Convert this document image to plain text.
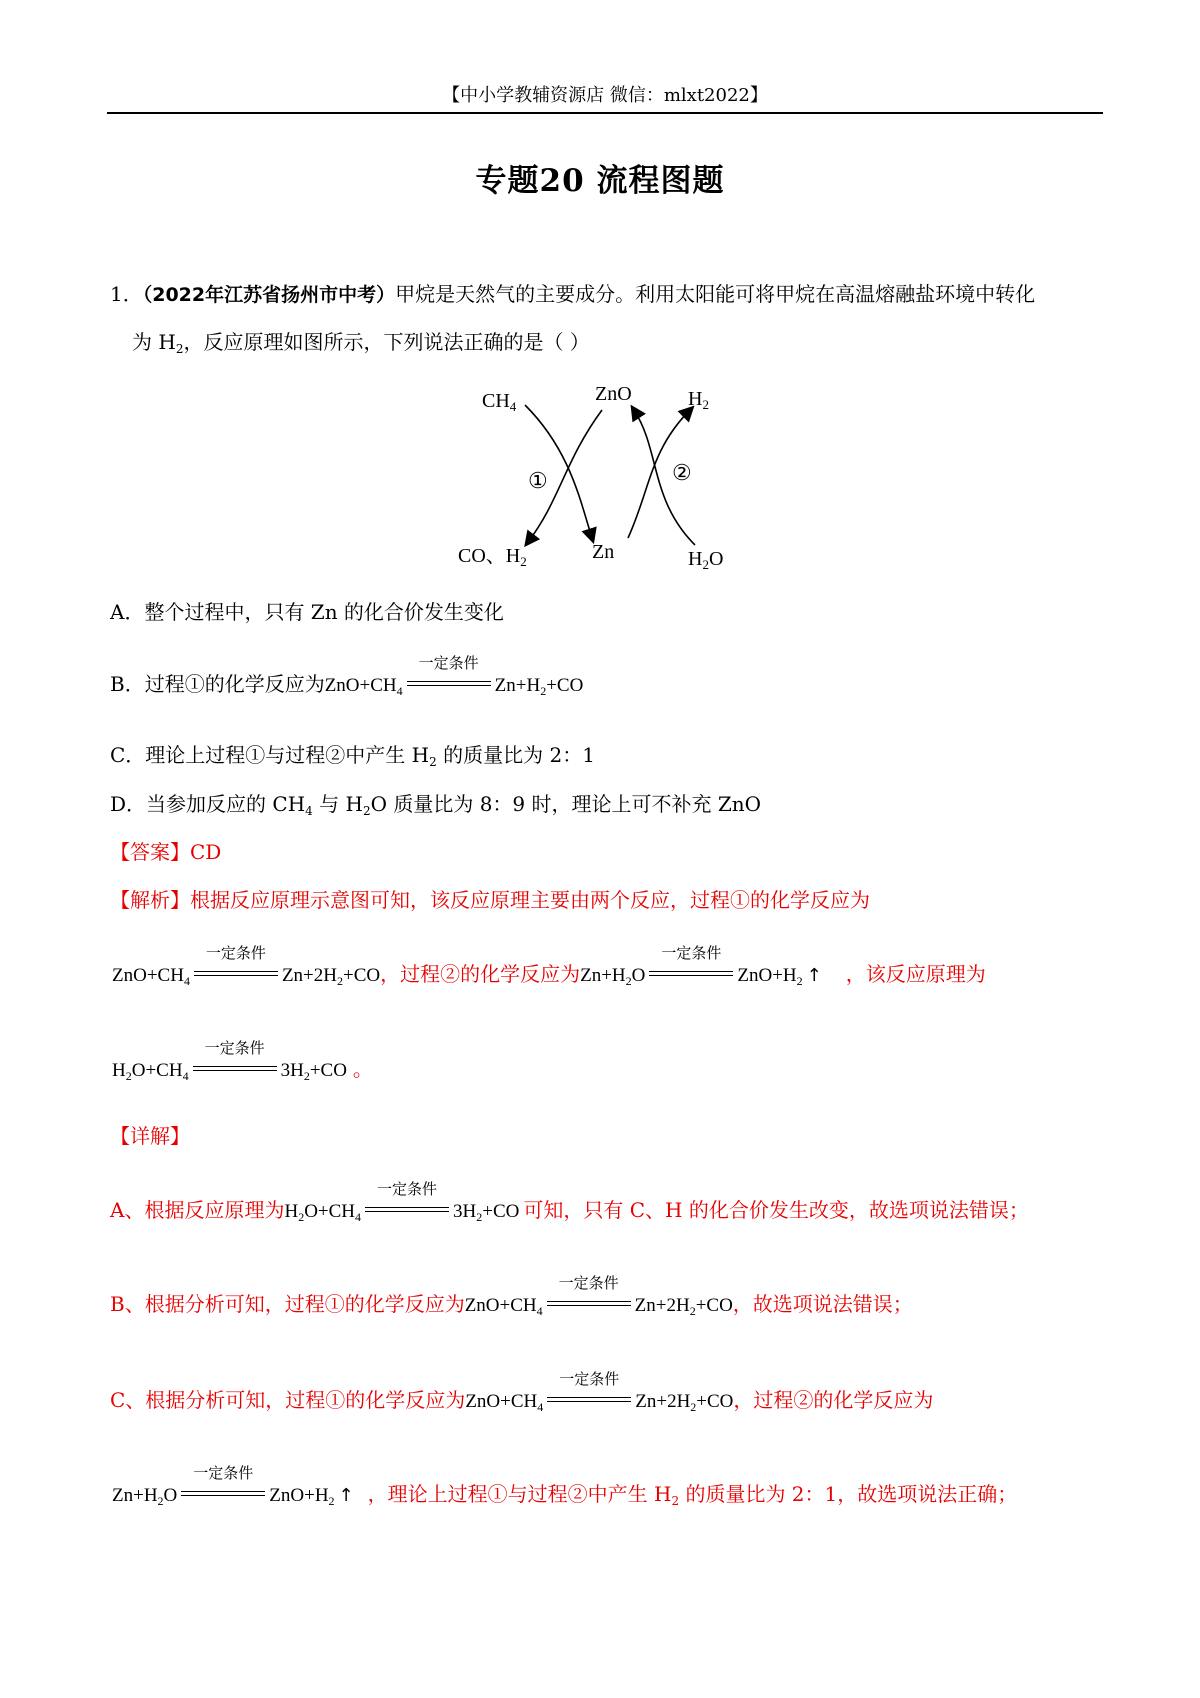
【中小学教辅资源店 微信：mlxt2022】
专题20 流程图题
1．（2022年江苏省扬州市中考）甲烷是天然气的主要成分。利用太阳能可将甲烷在高温熔融盐环境中转化
为 $H_2$，反应原理如图所示，下列说法正确的是（ ）
$CH_4$
ZnO	$H_2$
CO、$H_2$	Zn	$H_2O$
①	②
A．整个过程中，只有 Zn 的化合价发生变化
B．过程①的化学反应为$ZnO+CH_4$
一定条件
$Zn+H_2+CO$
C．理论上过程①与过程②中产生 $H_2$ 的质量比为 2：1
D．当参加反应的 $CH_4$ 与 $H_2O$ 质量比为 8：9 时，理论上可不补充 ZnO
【答案】CD
【解析】根据反应原理示意图可知，该反应原理主要由两个反应，过程①的化学反应为
$ZnO+CH_4$
一定条件
$Zn+2H_2+CO$，过程②的化学反应为$Zn+H_2O$
一定条件
$ZnO+H_2$ ↑ ，该反应原理为
$H_2O+CH_4$
一定条件
$3H_2+CO$ 。
【详解】
A、根据反应原理为$H_2O+CH_4$
一定条件
$3H_2+CO$ 可知，只有 C、H 的化合价发生改变，故选项说法错误；
B、根据分析可知，过程①的化学反应为$ZnO+CH_4$
一定条件
$Zn+2H_2+CO$，故选项说法错误；
C、根据分析可知，过程①的化学反应为$ZnO+CH_4$
一定条件
$Zn+2H_2+CO$，过程②的化学反应为
$Zn+H_2O$
一定条件
$ZnO+H_2$ ↑ ，理论上过程①与过程②中产生 $H_2$ 的质量比为 2：1，故选项说法正确；
